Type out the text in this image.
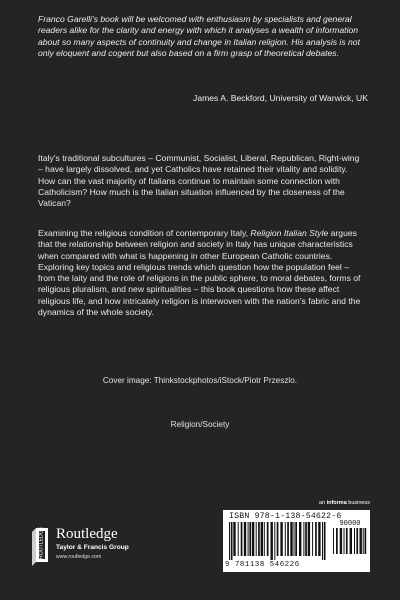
Franco Garelli’s book will be welcomed with enthusiasm by specialists and general readers alike for the clarity and energy with which it analyses a wealth of information about so many aspects of continuity and change in Italian religion. His analysis is not only eloquent and cogent but also based on a firm grasp of theoretical debates.

James A. Beckford, University of Warwick, UK

Italy’s traditional subcultures – Communist, Socialist, Liberal, Republican, Right-wing – have largely dissolved, and yet Catholics have retained their vitality and solidity. How can the vast majority of Italians continue to maintain some connection with Catholicism? How much is the Italian situation influenced by the closeness of the Vatican?

Examining the religious condition of contemporary Italy, Religion Italian Style argues that the relationship between religion and society in Italy has unique characteristics when compared with what is happening in other European Catholic countries. Exploring key topics and religious trends which question how the population feel – from the laity and the role of religions in the public sphere, to moral debates, forms of religious pluralism, and new spiritualities – this book questions how these affect religious life, and how intricately religion is interwoven with the nation’s fabric and the dynamics of the whole society.

Cover image: Thinkstockphotos/iStock/Piotr Przeszlo.

Religion/Society

an informa business

ISBN 978-1-138-54622-6
90000
9 781138 546226
ROUTLEDGE Routledge

Taylor & Francis Group

www.routledge.com
